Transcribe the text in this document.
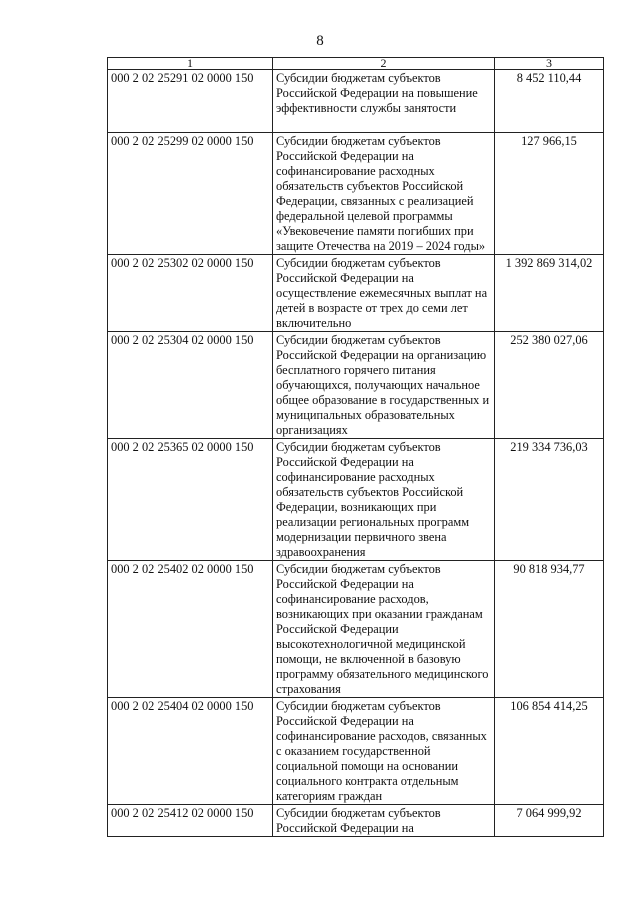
8
1	2	3
000 2 02 25291 02 0000 150	Субсидии бюджетам субъектов Российской Федерации на повышение эффективности службы занятости	8 452 110,44
000 2 02 25299 02 0000 150	Субсидии бюджетам субъектов Российской Федерации на софинансирование расходных обязательств субъектов Российской Федерации, связанных с реализацией федеральной целевой программы «Увековечение памяти погибших при защите Отечества на 2019 – 2024 годы»	127 966,15
000 2 02 25302 02 0000 150	Субсидии бюджетам субъектов Российской Федерации на осуществление ежемесячных выплат на детей в возрасте от трех до семи лет включительно	1 392 869 314,02
000 2 02 25304 02 0000 150	Субсидии бюджетам субъектов Российской Федерации на организацию бесплатного горячего питания обучающихся, получающих начальное общее образование в государственных и муниципальных образовательных организациях	252 380 027,06
000 2 02 25365 02 0000 150	Субсидии бюджетам субъектов Российской Федерации на софинансирование расходных обязательств субъектов Российской Федерации, возникающих при реализации региональных программ модернизации первичного звена здравоохранения	219 334 736,03
000 2 02 25402 02 0000 150	Субсидии бюджетам субъектов Российской Федерации на софинансирование расходов, возникающих при оказании гражданам Российской Федерации высокотехнологичной медицинской помощи, не включенной в базовую программу обязательного медицинского страхования	90 818 934,77
000 2 02 25404 02 0000 150	Субсидии бюджетам субъектов Российской Федерации на софинансирование расходов, связанных с оказанием государственной социальной помощи на основании социального контракта отдельным категориям граждан	106 854 414,25
000 2 02 25412 02 0000 150	Субсидии бюджетам субъектов Российской Федерации на	7 064 999,92
